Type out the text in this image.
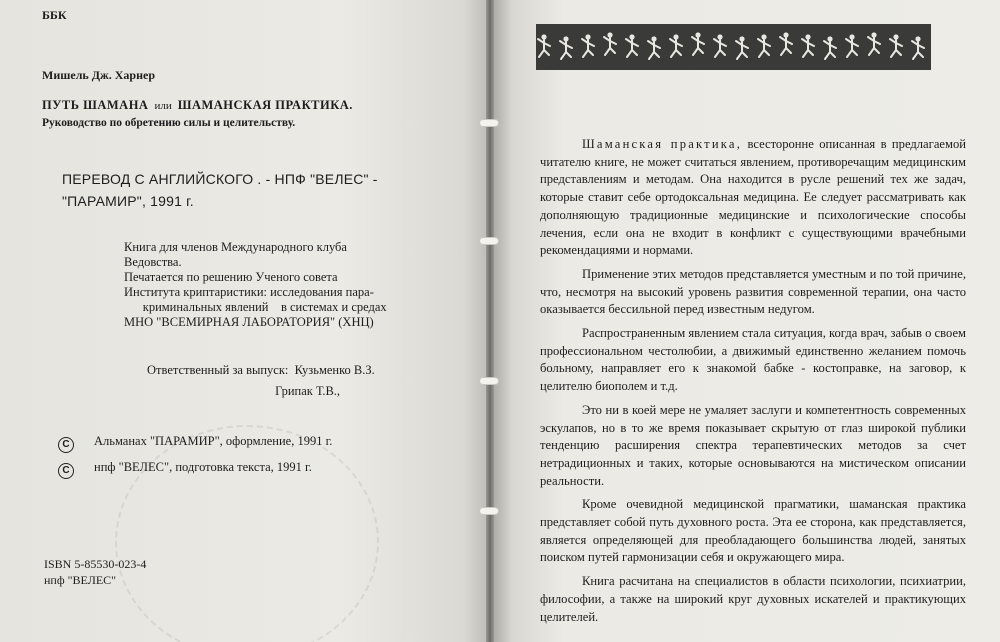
ББК
Мишель Дж. Харнер
ПУТЬ ШАМАНА или ШАМАНСКАЯ ПРАКТИКА.
Руководство по обретению силы и целительству.
ПЕРЕВОД С АНГЛИЙСКОГО . - НПФ "ВЕЛЕС" -
"ПАРАМИР", 1991 г.
Книга для членов Международного клуба
Ведовства.
Печатается по решению Ученого совета
Института криптаристики: исследования пара-
криминальных явлений    в системах и средах
МНО "ВСЕМИРНАЯ ЛАБОРАТОРИЯ" (ХНЦ)
Ответственный за выпуск:  Кузьменко В.З.
Грипак Т.В.,
C Альманах "ПАРАМИР", оформление, 1991 г.
C нпф "ВЕЛЕС", подготовка текста, 1991 г.
ISBN 5-85530-023-4
нпф "ВЕЛЕС"

Шаманская практика, всесторонне описанная в предлагаемой читателю книге, не может считаться явлением, противоречащим медицинским представлениям и методам. Она находится в русле решений тех же задач, которые ставит себе ортодоксальная медицина. Ее следует рассматривать как дополняющую традиционные медицинские и психологические способы лечения, если она не входит в конфликт с существующими врачебными рекомендациями и нормами.

Применение этих методов представляется уместным и по той причине, что, несмотря на высокий уровень развития современной терапии, она часто оказывается бессильной перед известным недугом.

Распространенным явлением стала ситуация, когда врач, забыв о своем профессиональном честолюбии, а движимый единственно желанием помочь больному, направляет его к знакомой бабке - костоправке, на заговор, к целителю биополем и т.д.

Это ни в коей мере не умаляет заслуги и компетентность современных эскулапов, но в то же время показывает скрытую от глаз широкой публики тенденцию расширения спектра терапевтических методов за счет нетрадиционных и таких, которые основываются на мистическом описании реальности.

Кроме очевидной медицинской прагматики, шаманская практика представляет собой путь духовного роста. Эта ее сторона, как представляется, является определяющей для преобладающего большинства людей, занятых поиском путей гармонизации себя и окружающего мира.

Книга расчитана на специалистов в области психологии, психиатрии, философии, а также на широкий круг духовных искателей и практикующих целителей.
